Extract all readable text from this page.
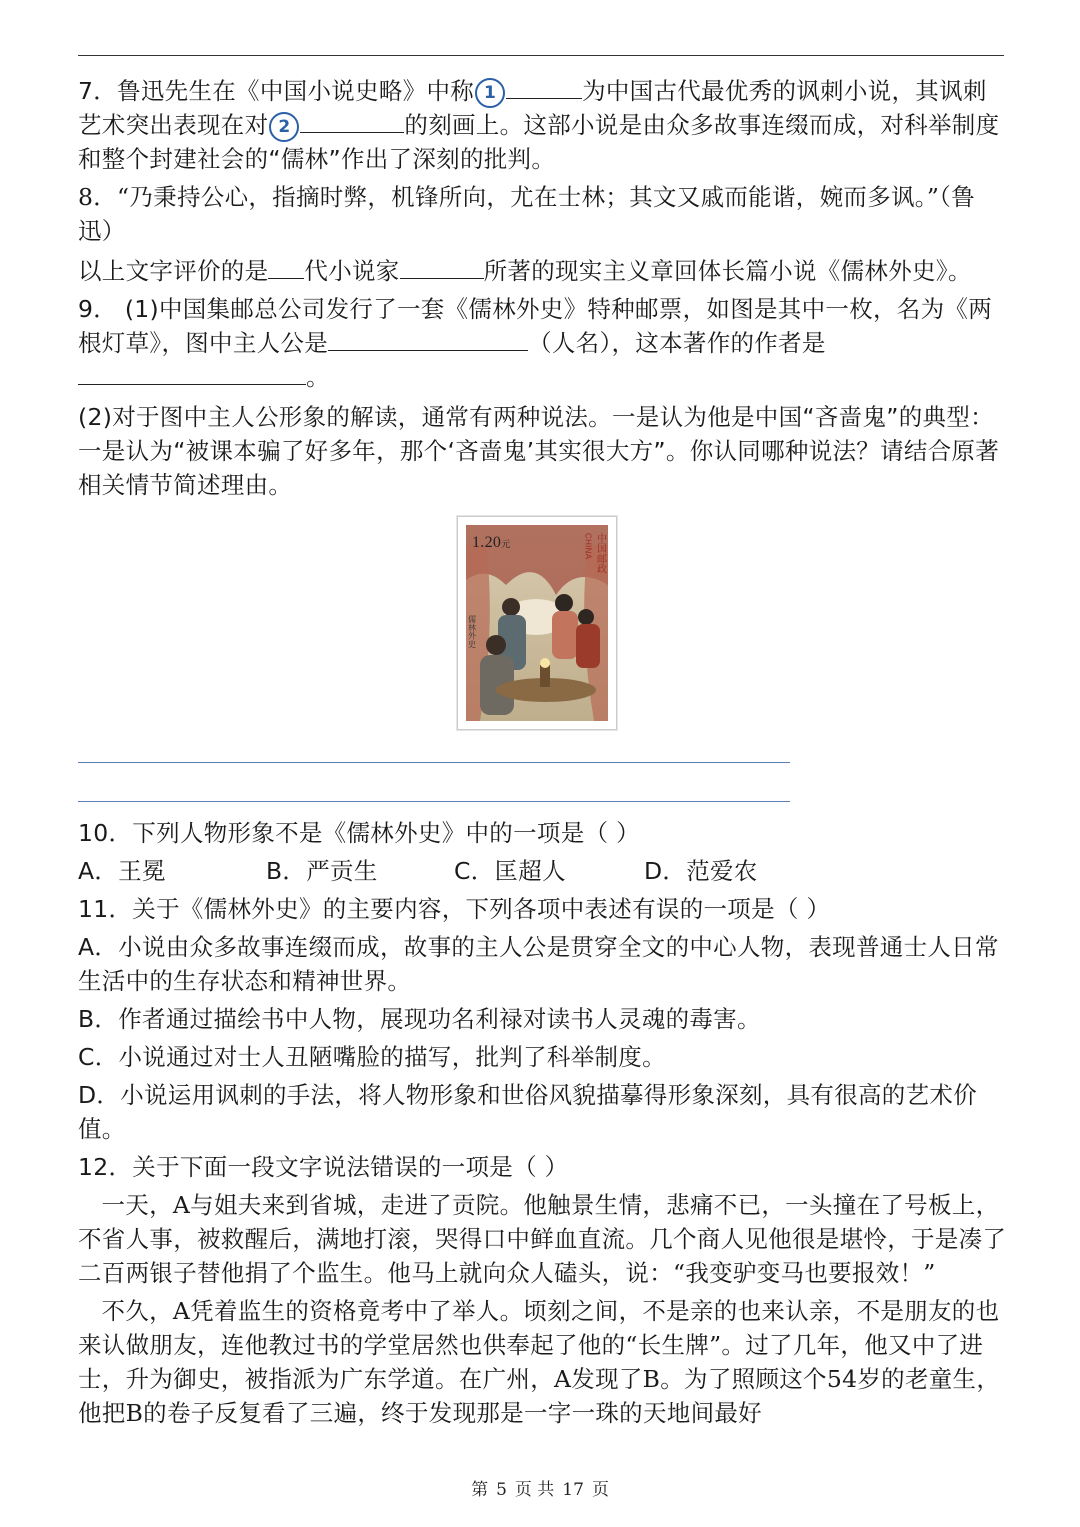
7．鲁迅先生在《中国小说史略》中称 1	为中国古代最优秀的讽刺小说，其讽刺艺术突出表现在对 2	的刻画上。这部小说是由众多故事连缀而成，对科举制度和整个封建社会的“儒林”作出了深刻的批判。
8．“乃秉持公心，指摘时弊，机锋所向，尤在士林；其文又戚而能谐，婉而多讽。”（鲁迅）
以上文字评价的是 代小说家	所著的现实主义章回体长篇小说《儒林外史》。
9． (1)中国集邮总公司发行了一套《儒林外史》特种邮票，如图是其中一枚，名为《两根灯草》，图中主人公是	（人名），这本著作的作者是
。
(2)对于图中主人公形象的解读，通常有两种说法。一是认为他是中国“吝啬鬼”的典型：一是认为“被课本骗了好多年，那个‘吝啬鬼’其实很大方”。你认同哪种说法？请结合原著相关情节简述理由。
1.20元	中国邮政
CHINA
儒林外史
10．下列人物形象不是《儒林外史》中的一项是（ ）
A．王冕	B．严贡生	C．匡超人	D．范爱农
11．关于《儒林外史》的主要内容，下列各项中表述有误的一项是（ ）
A．小说由众多故事连缀而成，故事的主人公是贯穿全文的中心人物，表现普通士人日常生活中的生存状态和精神世界。
B．作者通过描绘书中人物，展现功名利禄对读书人灵魂的毒害。
C．小说通过对士人丑陋嘴脸的描写，批判了科举制度。
D．小说运用讽刺的手法，将人物形象和世俗风貌描摹得形象深刻，具有很高的艺术价值。
12．关于下面一段文字说法错误的一项是（ ）
一天，A与姐夫来到省城，走进了贡院。他触景生情，悲痛不已，一头撞在了号板上，不省人事，被救醒后，满地打滚，哭得口中鲜血直流。几个商人见他很是堪怜，于是凑了二百两银子替他捐了个监生。他马上就向众人磕头，说：“我变驴变马也要报效！”
不久，A凭着监生的资格竟考中了举人。顷刻之间，不是亲的也来认亲，不是朋友的也来认做朋友，连他教过书的学堂居然也供奉起了他的“长生牌”。过了几年，他又中了进士，升为御史，被指派为广东学道。在广州，A发现了B。为了照顾这个54岁的老童生，他把B的卷子反复看了三遍，终于发现那是一字一珠的天地间最好
第 5 页 共 17 页
